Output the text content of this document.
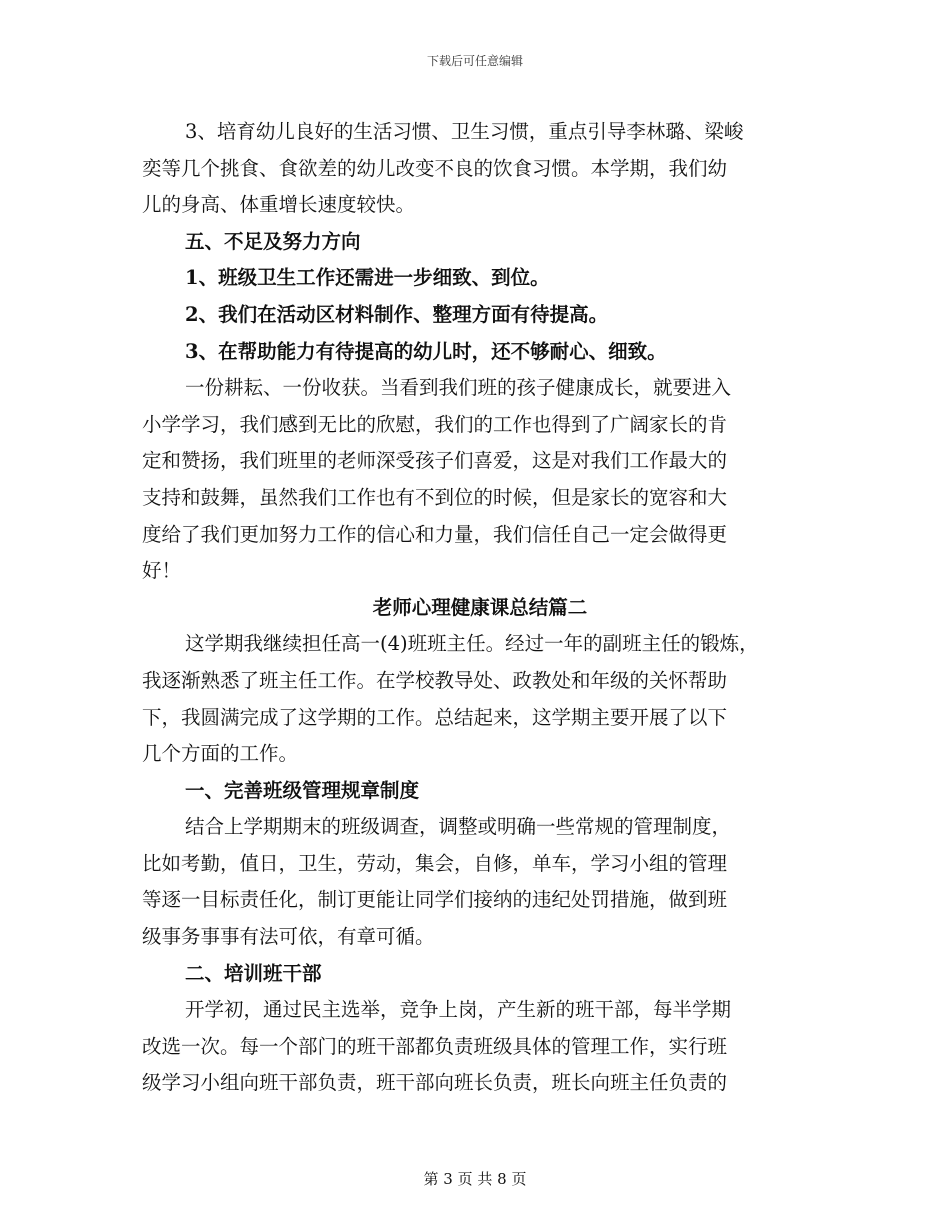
下载后可任意编辑
3、培育幼儿良好的生活习惯、卫生习惯，重点引导李林璐、梁峻
奕等几个挑食、食欲差的幼儿改变不良的饮食习惯。本学期，我们幼
儿的身高、体重增长速度较快。
五、不足及努力方向
1、班级卫生工作还需进一步细致、到位。
2、我们在活动区材料制作、整理方面有待提高。
3、在帮助能力有待提高的幼儿时，还不够耐心、细致。
一份耕耘、一份收获。当看到我们班的孩子健康成长，就要进入
小学学习，我们感到无比的欣慰，我们的工作也得到了广阔家长的肯
定和赞扬，我们班里的老师深受孩子们喜爱，这是对我们工作最大的
支持和鼓舞，虽然我们工作也有不到位的时候，但是家长的宽容和大
度给了我们更加努力工作的信心和力量，我们信任自己一定会做得更
好！
老师心理健康课总结篇二
这学期我继续担任高一(4)班班主任。经过一年的副班主任的锻炼，
我逐渐熟悉了班主任工作。在学校教导处、政教处和年级的关怀帮助
下，我圆满完成了这学期的工作。总结起来，这学期主要开展了以下
几个方面的工作。
一、完善班级管理规章制度
结合上学期期末的班级调查，调整或明确一些常规的管理制度，
比如考勤，值日，卫生，劳动，集会，自修，单车，学习小组的管理
等逐一目标责任化，制订更能让同学们接纳的违纪处罚措施，做到班
级事务事事有法可依，有章可循。
二、培训班干部
开学初，通过民主选举，竞争上岗，产生新的班干部，每半学期
改选一次。每一个部门的班干部都负责班级具体的管理工作，实行班
级学习小组向班干部负责，班干部向班长负责，班长向班主任负责的
第 3 页 共 8 页
